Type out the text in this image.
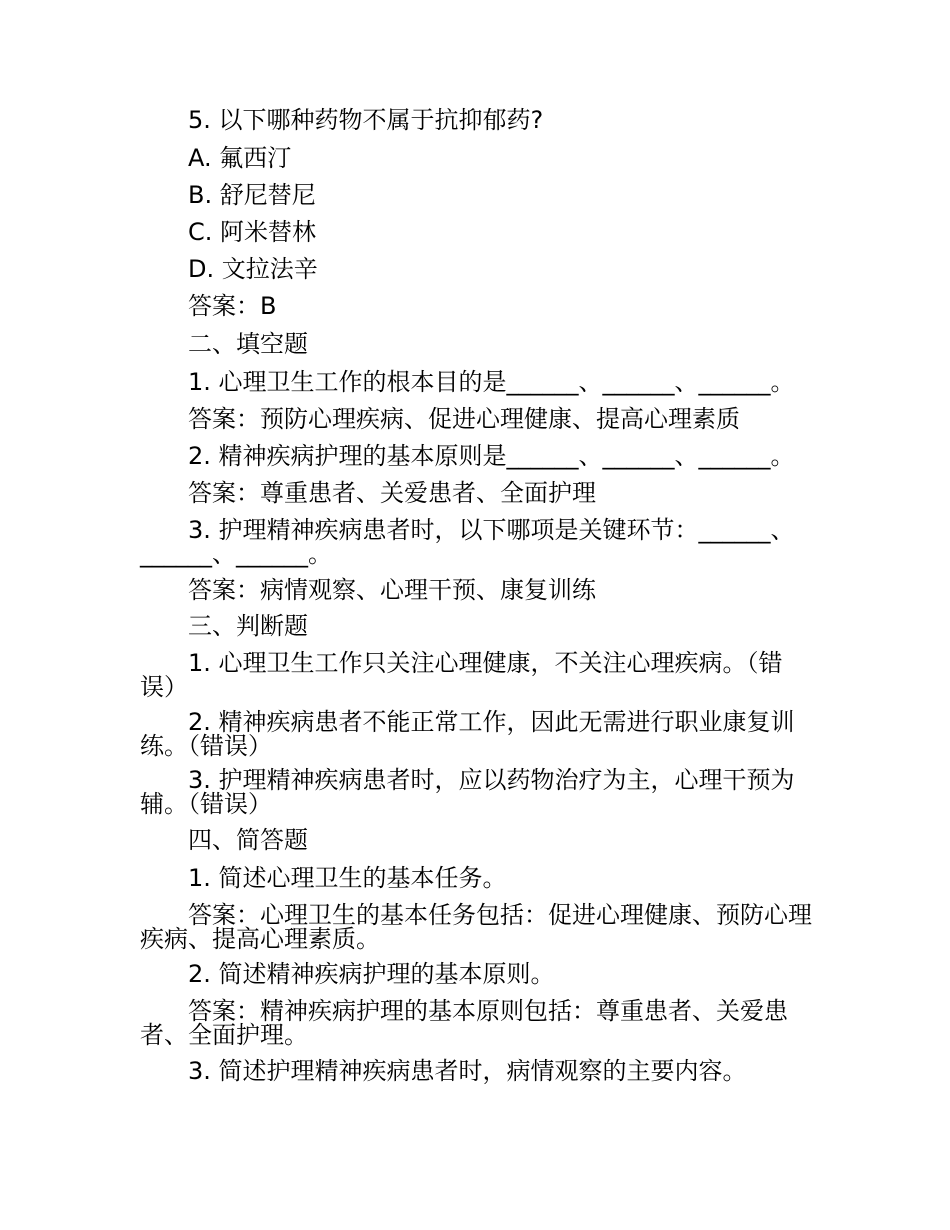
5. 以下哪种药物不属于抗抑郁药?

A. 氟西汀

B. 舒尼替尼

C. 阿米替林

D. 文拉法辛

答案：B

二、填空题

1. 心理卫生工作的根本目的是______、______、______。

答案：预防心理疾病、促进心理健康、提高心理素质

2. 精神疾病护理的基本原则是______、______、______。

答案：尊重患者、关爱患者、全面护理

3. 护理精神疾病患者时，以下哪项是关键环节：______、______、______。

答案：病情观察、心理干预、康复训练

三、判断题

1. 心理卫生工作只关注心理健康，不关注心理疾病。（错误）

2. 精神疾病患者不能正常工作，因此无需进行职业康复训练。（错误）

3. 护理精神疾病患者时，应以药物治疗为主，心理干预为辅。（错误）

四、简答题

1. 简述心理卫生的基本任务。

答案：心理卫生的基本任务包括：促进心理健康、预防心理疾病、提高心理素质。

2. 简述精神疾病护理的基本原则。

答案：精神疾病护理的基本原则包括：尊重患者、关爱患者、全面护理。

3. 简述护理精神疾病患者时，病情观察的主要内容。
